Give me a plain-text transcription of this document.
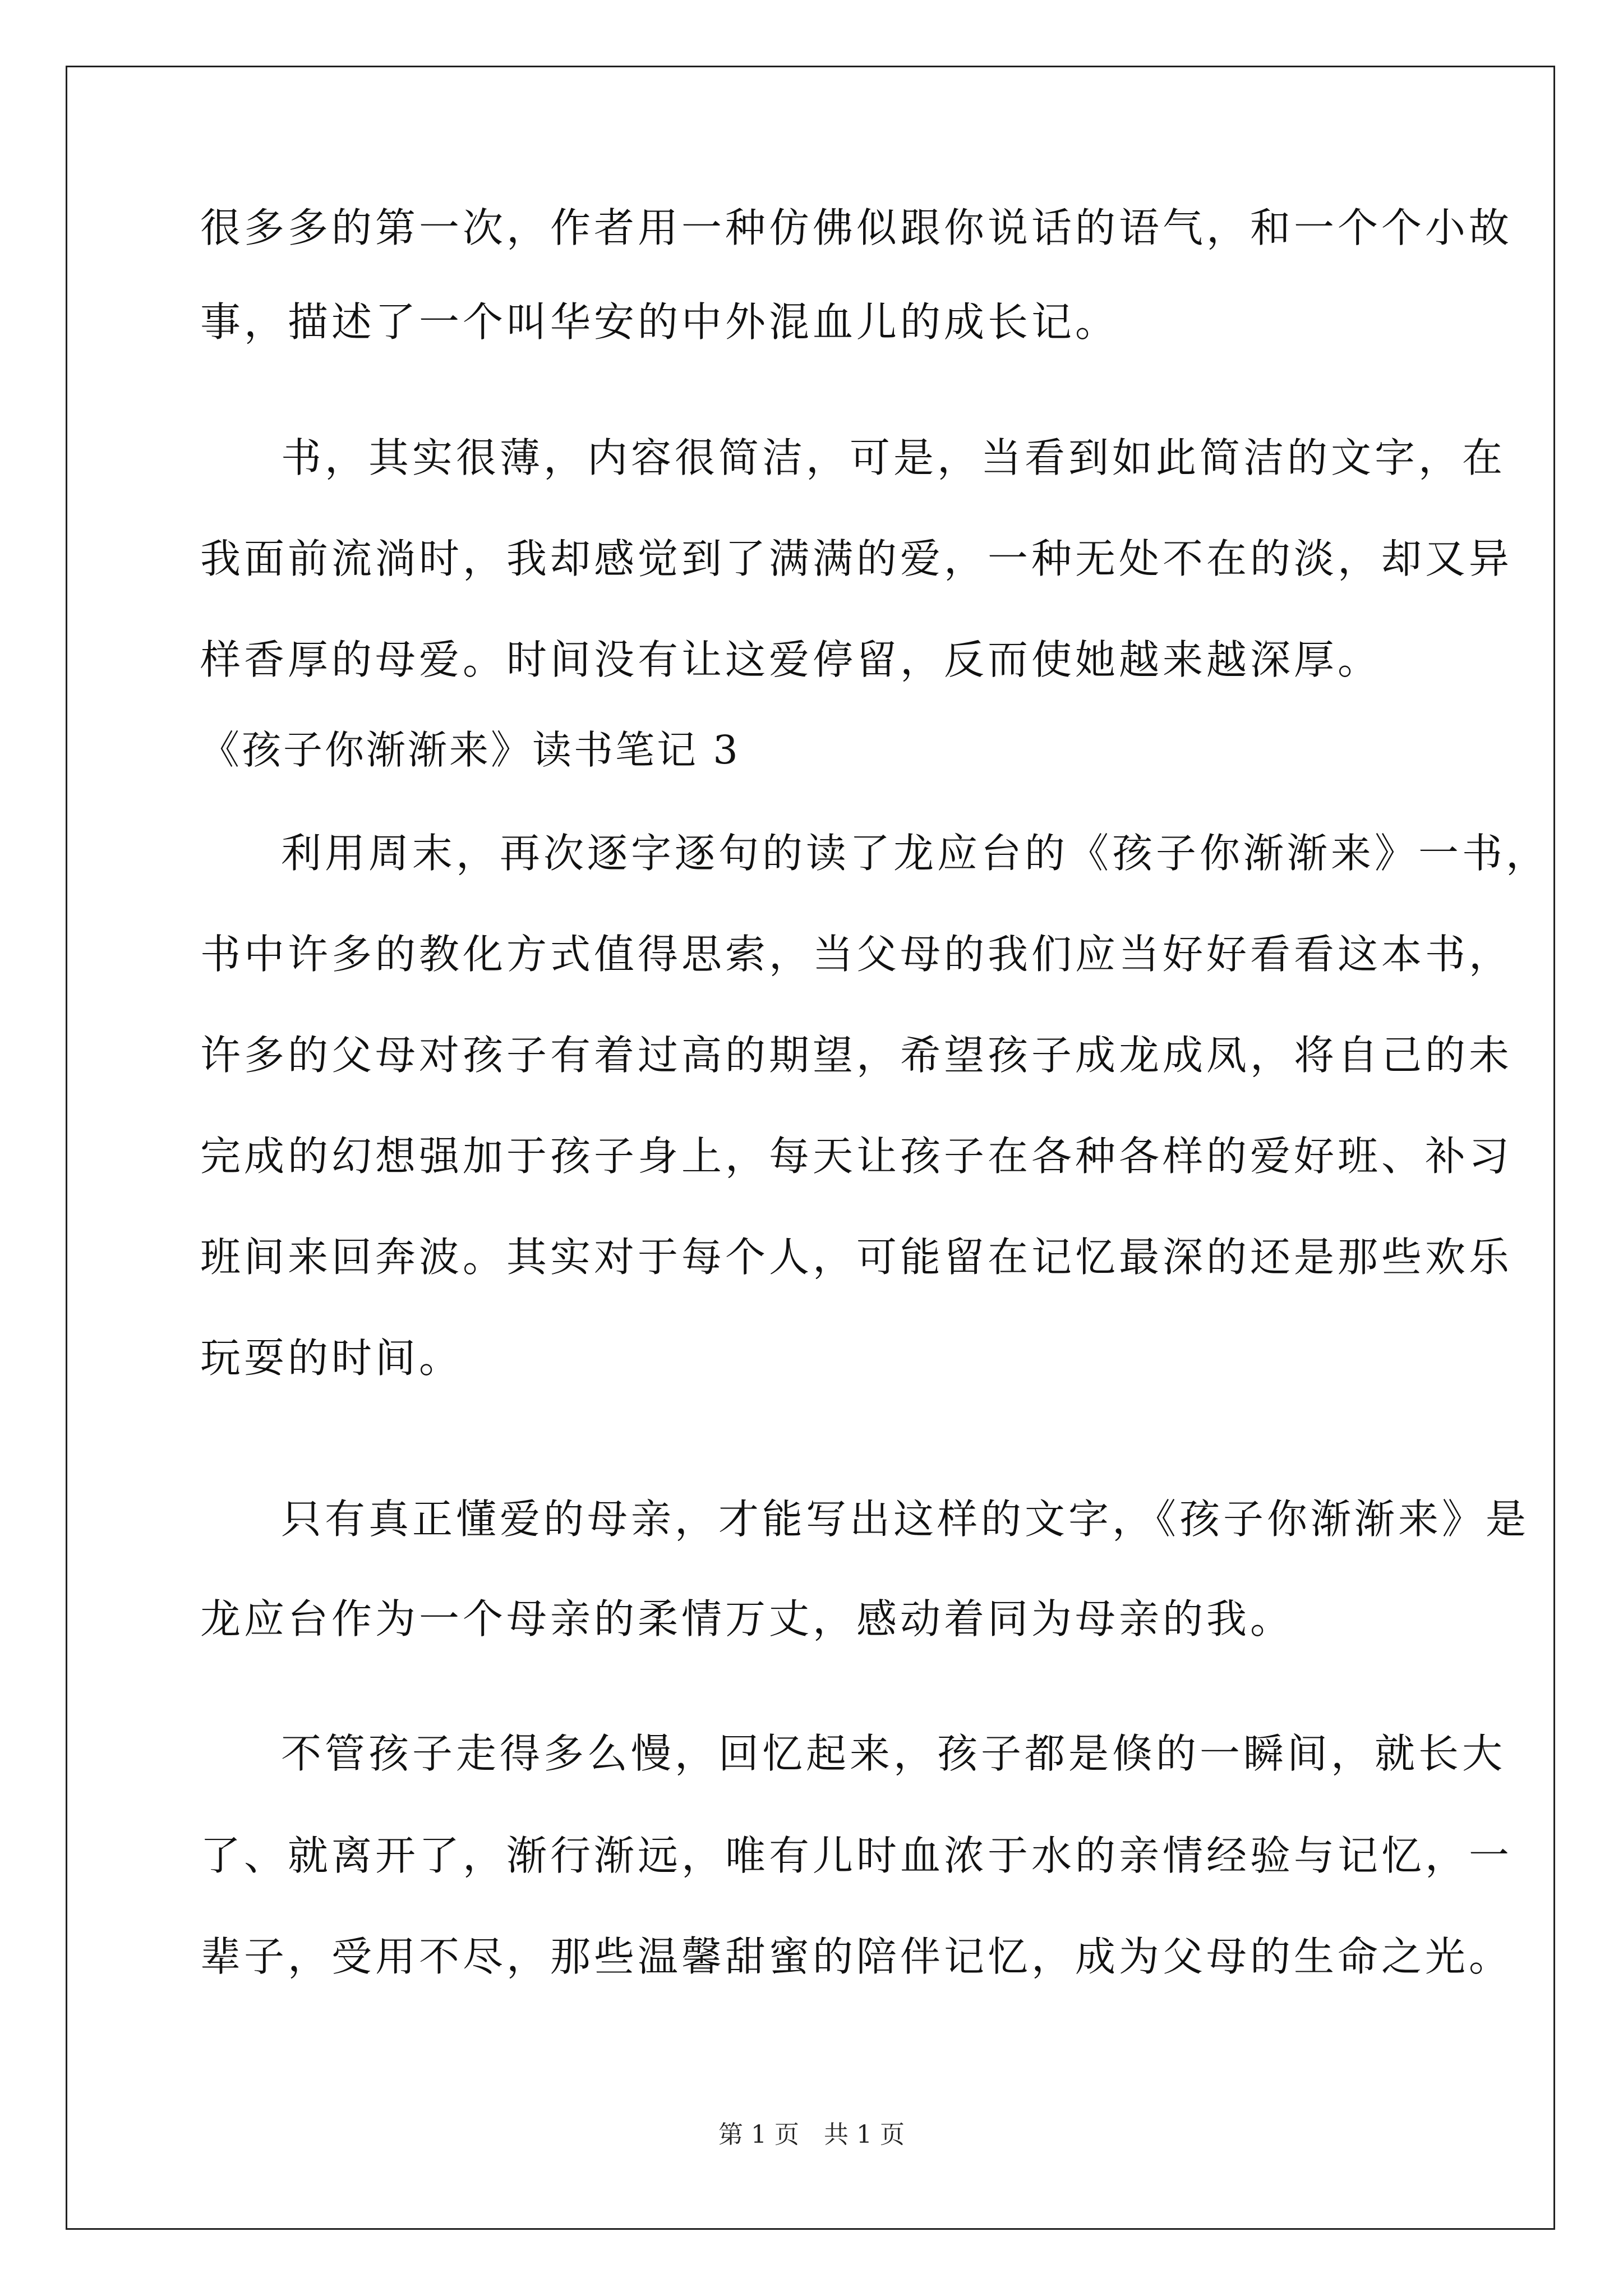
很多多的第一次，作者用一种仿佛似跟你说话的语气，和一个个小故
事，描述了一个叫华安的中外混血儿的成长记。
书，其实很薄，内容很简洁，可是，当看到如此简洁的文字，在
我面前流淌时，我却感觉到了满满的爱，一种无处不在的淡，却又异
样香厚的母爱。时间没有让这爱停留，反而使她越来越深厚。
《孩子你渐渐来》读书笔记 3
利用周末，再次逐字逐句的读了龙应台的《孩子你渐渐来》一书，
书中许多的教化方式值得思索，当父母的我们应当好好看看这本书，
许多的父母对孩子有着过高的期望，希望孩子成龙成凤，将自己的未
完成的幻想强加于孩子身上，每天让孩子在各种各样的爱好班、补习
班间来回奔波。其实对于每个人，可能留在记忆最深的还是那些欢乐
玩耍的时间。
只有真正懂爱的母亲，才能写出这样的文字，《孩子你渐渐来》是
龙应台作为一个母亲的柔情万丈，感动着同为母亲的我。
不管孩子走得多么慢，回忆起来，孩子都是倏的一瞬间，就长大
了、就离开了，渐行渐远，唯有儿时血浓于水的亲情经验与记忆，一
辈子，受用不尽，那些温馨甜蜜的陪伴记忆，成为父母的生命之光。
第 1 页　共 1 页
